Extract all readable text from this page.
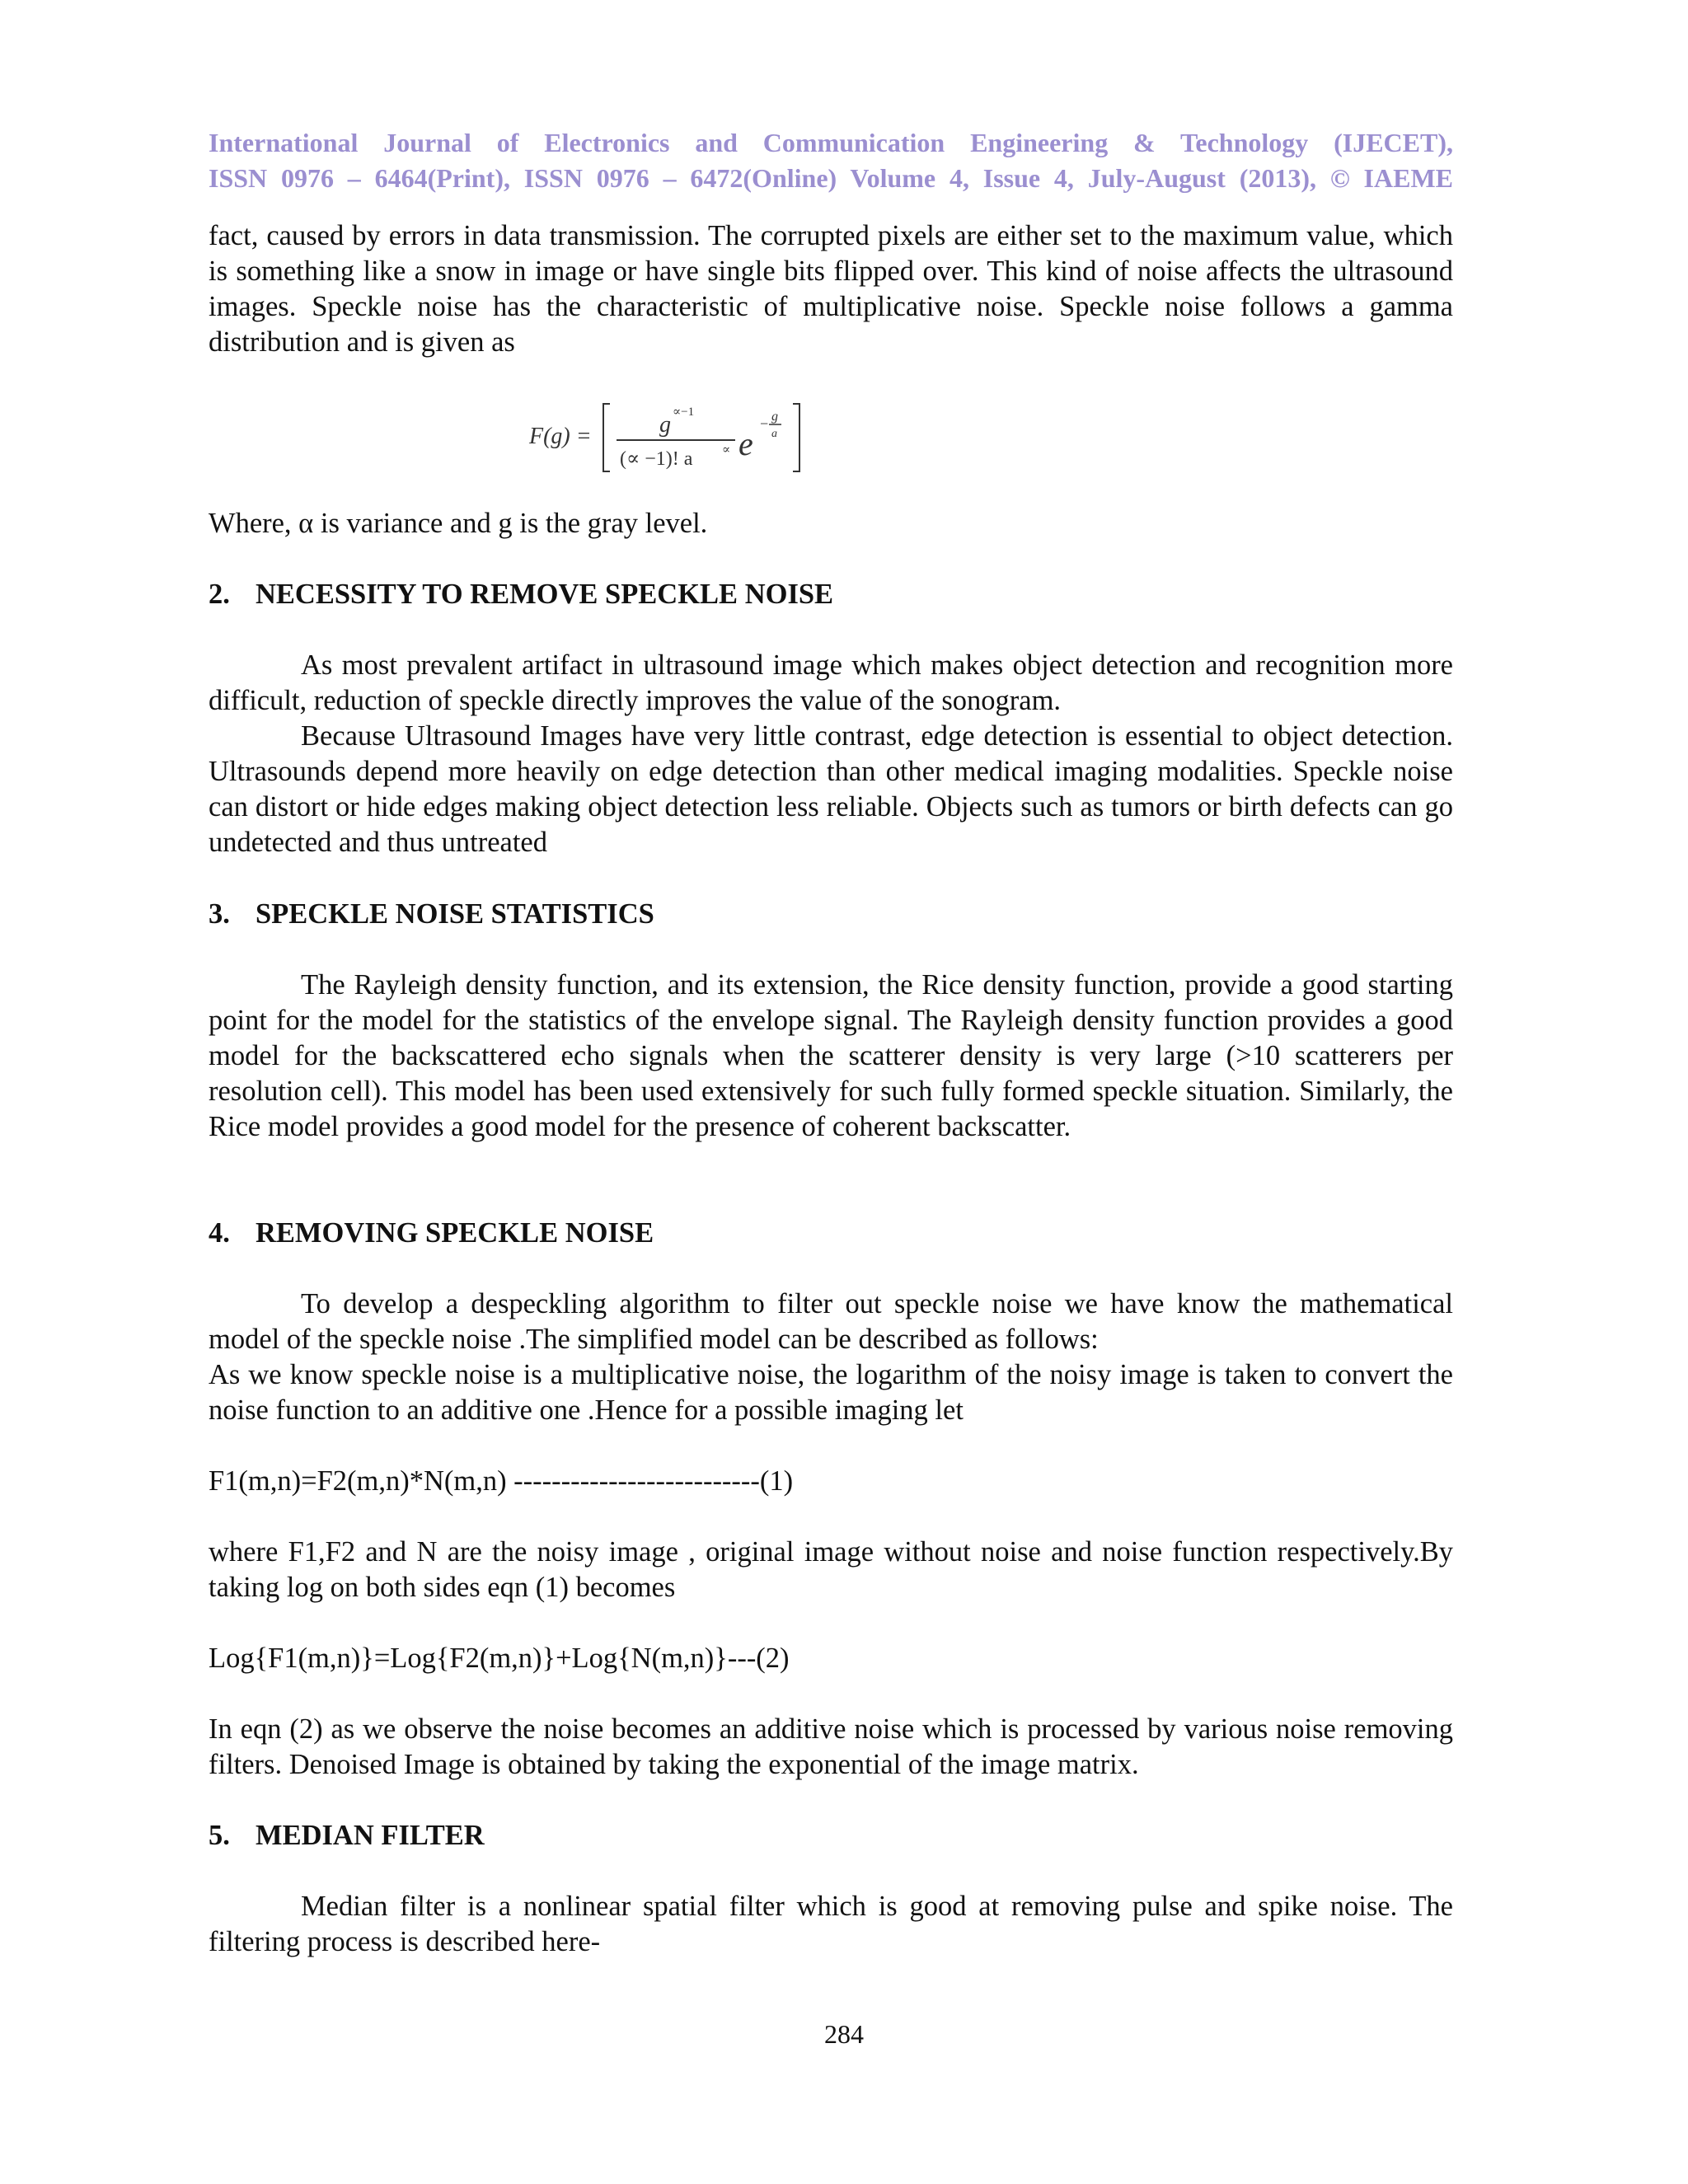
International Journal of Electronics and Communication Engineering & Technology (IJECET),
ISSN 0976 – 6464(Print), ISSN 0976 – 6472(Online) Volume 4, Issue 4, July-August (2013), © IAEME
fact, caused by errors in data transmission. The corrupted pixels are either set to the maximum value, which is something like a snow in image or have single bits flipped over. This kind of noise affects the ultrasound images. Speckle noise has the characteristic of multiplicative noise. Speckle noise follows a gamma distribution and is given as
F(g) =	g ∝−1
(∝ −1)! a ∝ e
− g
a
Where, α is variance and g is the gray level.
2. NECESSITY TO REMOVE SPECKLE NOISE
As most prevalent artifact in ultrasound image which makes object detection and recognition more difficult, reduction of speckle directly improves the value of the sonogram.
Because Ultrasound Images have very little contrast, edge detection is essential to object detection. Ultrasounds depend more heavily on edge detection than other medical imaging modalities. Speckle noise can distort or hide edges making object detection less reliable. Objects such as tumors or birth defects can go undetected and thus untreated
3. SPECKLE NOISE STATISTICS
The Rayleigh density function, and its extension, the Rice density function, provide a good starting point for the model for the statistics of the envelope signal. The Rayleigh density function provides a good model for the backscattered echo signals when the scatterer density is very large (>10 scatterers per resolution cell). This model has been used extensively for such fully formed speckle situation. Similarly, the Rice model provides a good model for the presence of coherent backscatter.
4. REMOVING SPECKLE NOISE
To develop a despeckling algorithm to filter out speckle noise we have know the mathematical model of the speckle noise .The simplified model can be described as follows:
As we know speckle noise is a multiplicative noise, the logarithm of the noisy image is taken to convert the noise function to an additive one .Hence for a possible imaging let
F1(m,n)=F2(m,n)*N(m,n) --------------------------(1)
where F1,F2 and N are the noisy image , original image without noise and noise function respectively.By taking log on both sides eqn (1) becomes
Log{F1(m,n)}=Log{F2(m,n)}+Log{N(m,n)}---(2)
In eqn (2) as we observe the noise becomes an additive noise which is processed by various noise removing filters. Denoised Image is obtained by taking the exponential of the image matrix.
5. MEDIAN FILTER
Median filter is a nonlinear spatial filter which is good at removing pulse and spike noise. The filtering process is described here-
284
